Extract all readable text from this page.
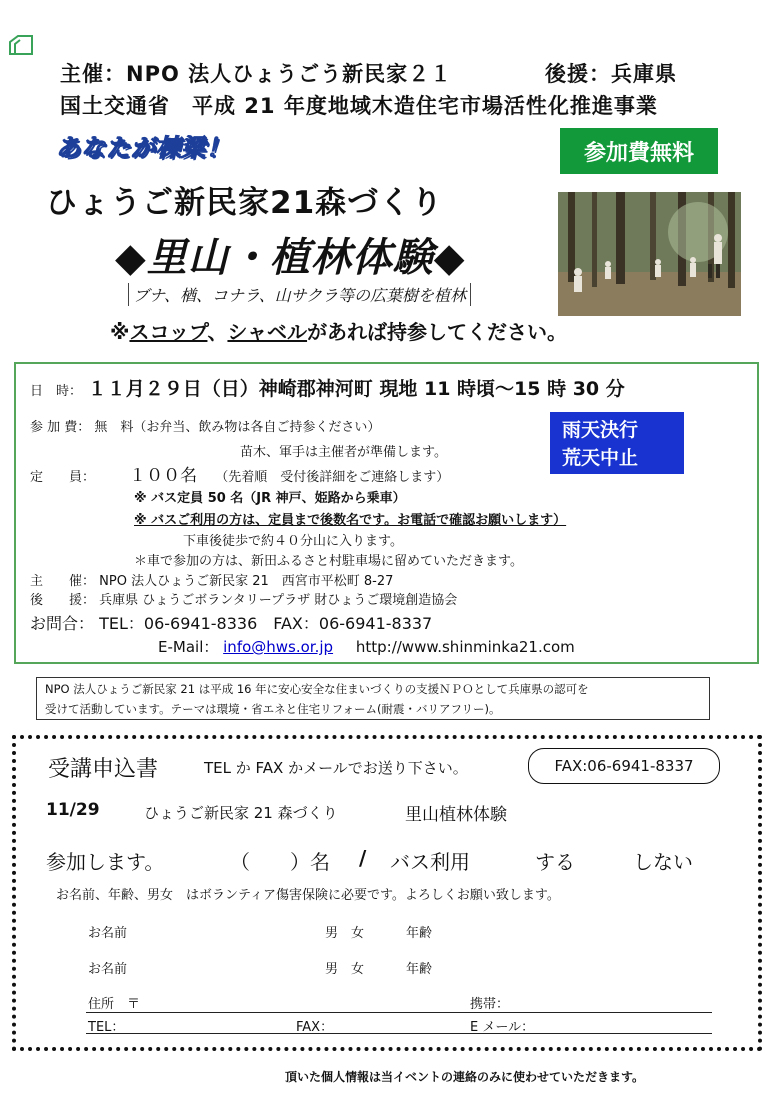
主催：NPO 法人ひょうごう新民家２１	後援：兵庫県
国土交通省　平成 21 年度地域木造住宅市場活性化推進事業
あなたが棟梁！	参加費無料
ひょうご新民家21森づくり
◆里山・植林体験◆
ブナ、楢、コナラ、山サクラ等の広葉樹を植林
※スコップ、シャベルがあれば持参してください。
日　時： １１月２９日（日）神崎郡神河町 現地 11 時頃～15 時 30 分
参 加 費： 無　料（お弁当、飲み物は各自ご持参ください）
苗木、軍手は主催者が準備します。
定　　員： １００名 （先着順　受付後詳細をご連絡します）
※ バス定員 50 名（JR 神戸、姫路から乗車）
※ バスご利用の方は、定員まで後数名です。お電話で確認お願いします）
下車後徒歩で約４０分山に入ります。
＊車で参加の方は、新田ふるさと村駐車場に留めていただきます。
主　　催： NPO 法人ひょうご新民家 21　西宮市平松町 8-27
後　　援： 兵庫県 ひょうごボランタリープラザ 財ひょうご環境創造協会
お問合： TEL：06-6941-8336　FAX：06-6941-8337
E-Mail： info@hws.or.jp http://www.shinminka21.com
雨天決行
荒天中止
NPO 法人ひょうご新民家 21 は平成 16 年に安心安全な住まいづくりの支援ＮＰＯとして兵庫県の認可を
受けて活動しています。テーマは環境・省エネと住宅リフォーム(耐震・バリアフリー)。
受講申込書	TEL か FAX かメールでお送り下さい。	FAX:06-6941-8337
11/29	ひょうご新民家 21 森づくり	里山植林体験
参加します。	（　　）名 / バス利用	する	しない
お名前、年齢、男女　はボランティア傷害保険に必要です。よろしくお願い致します。
お名前	男　女	年齢
お名前	男　女	年齢
住所　〒	携帯：
TEL：	FAX：	E メール：
頂いた個人情報は当イベントの連絡のみに使わせていただきます。
